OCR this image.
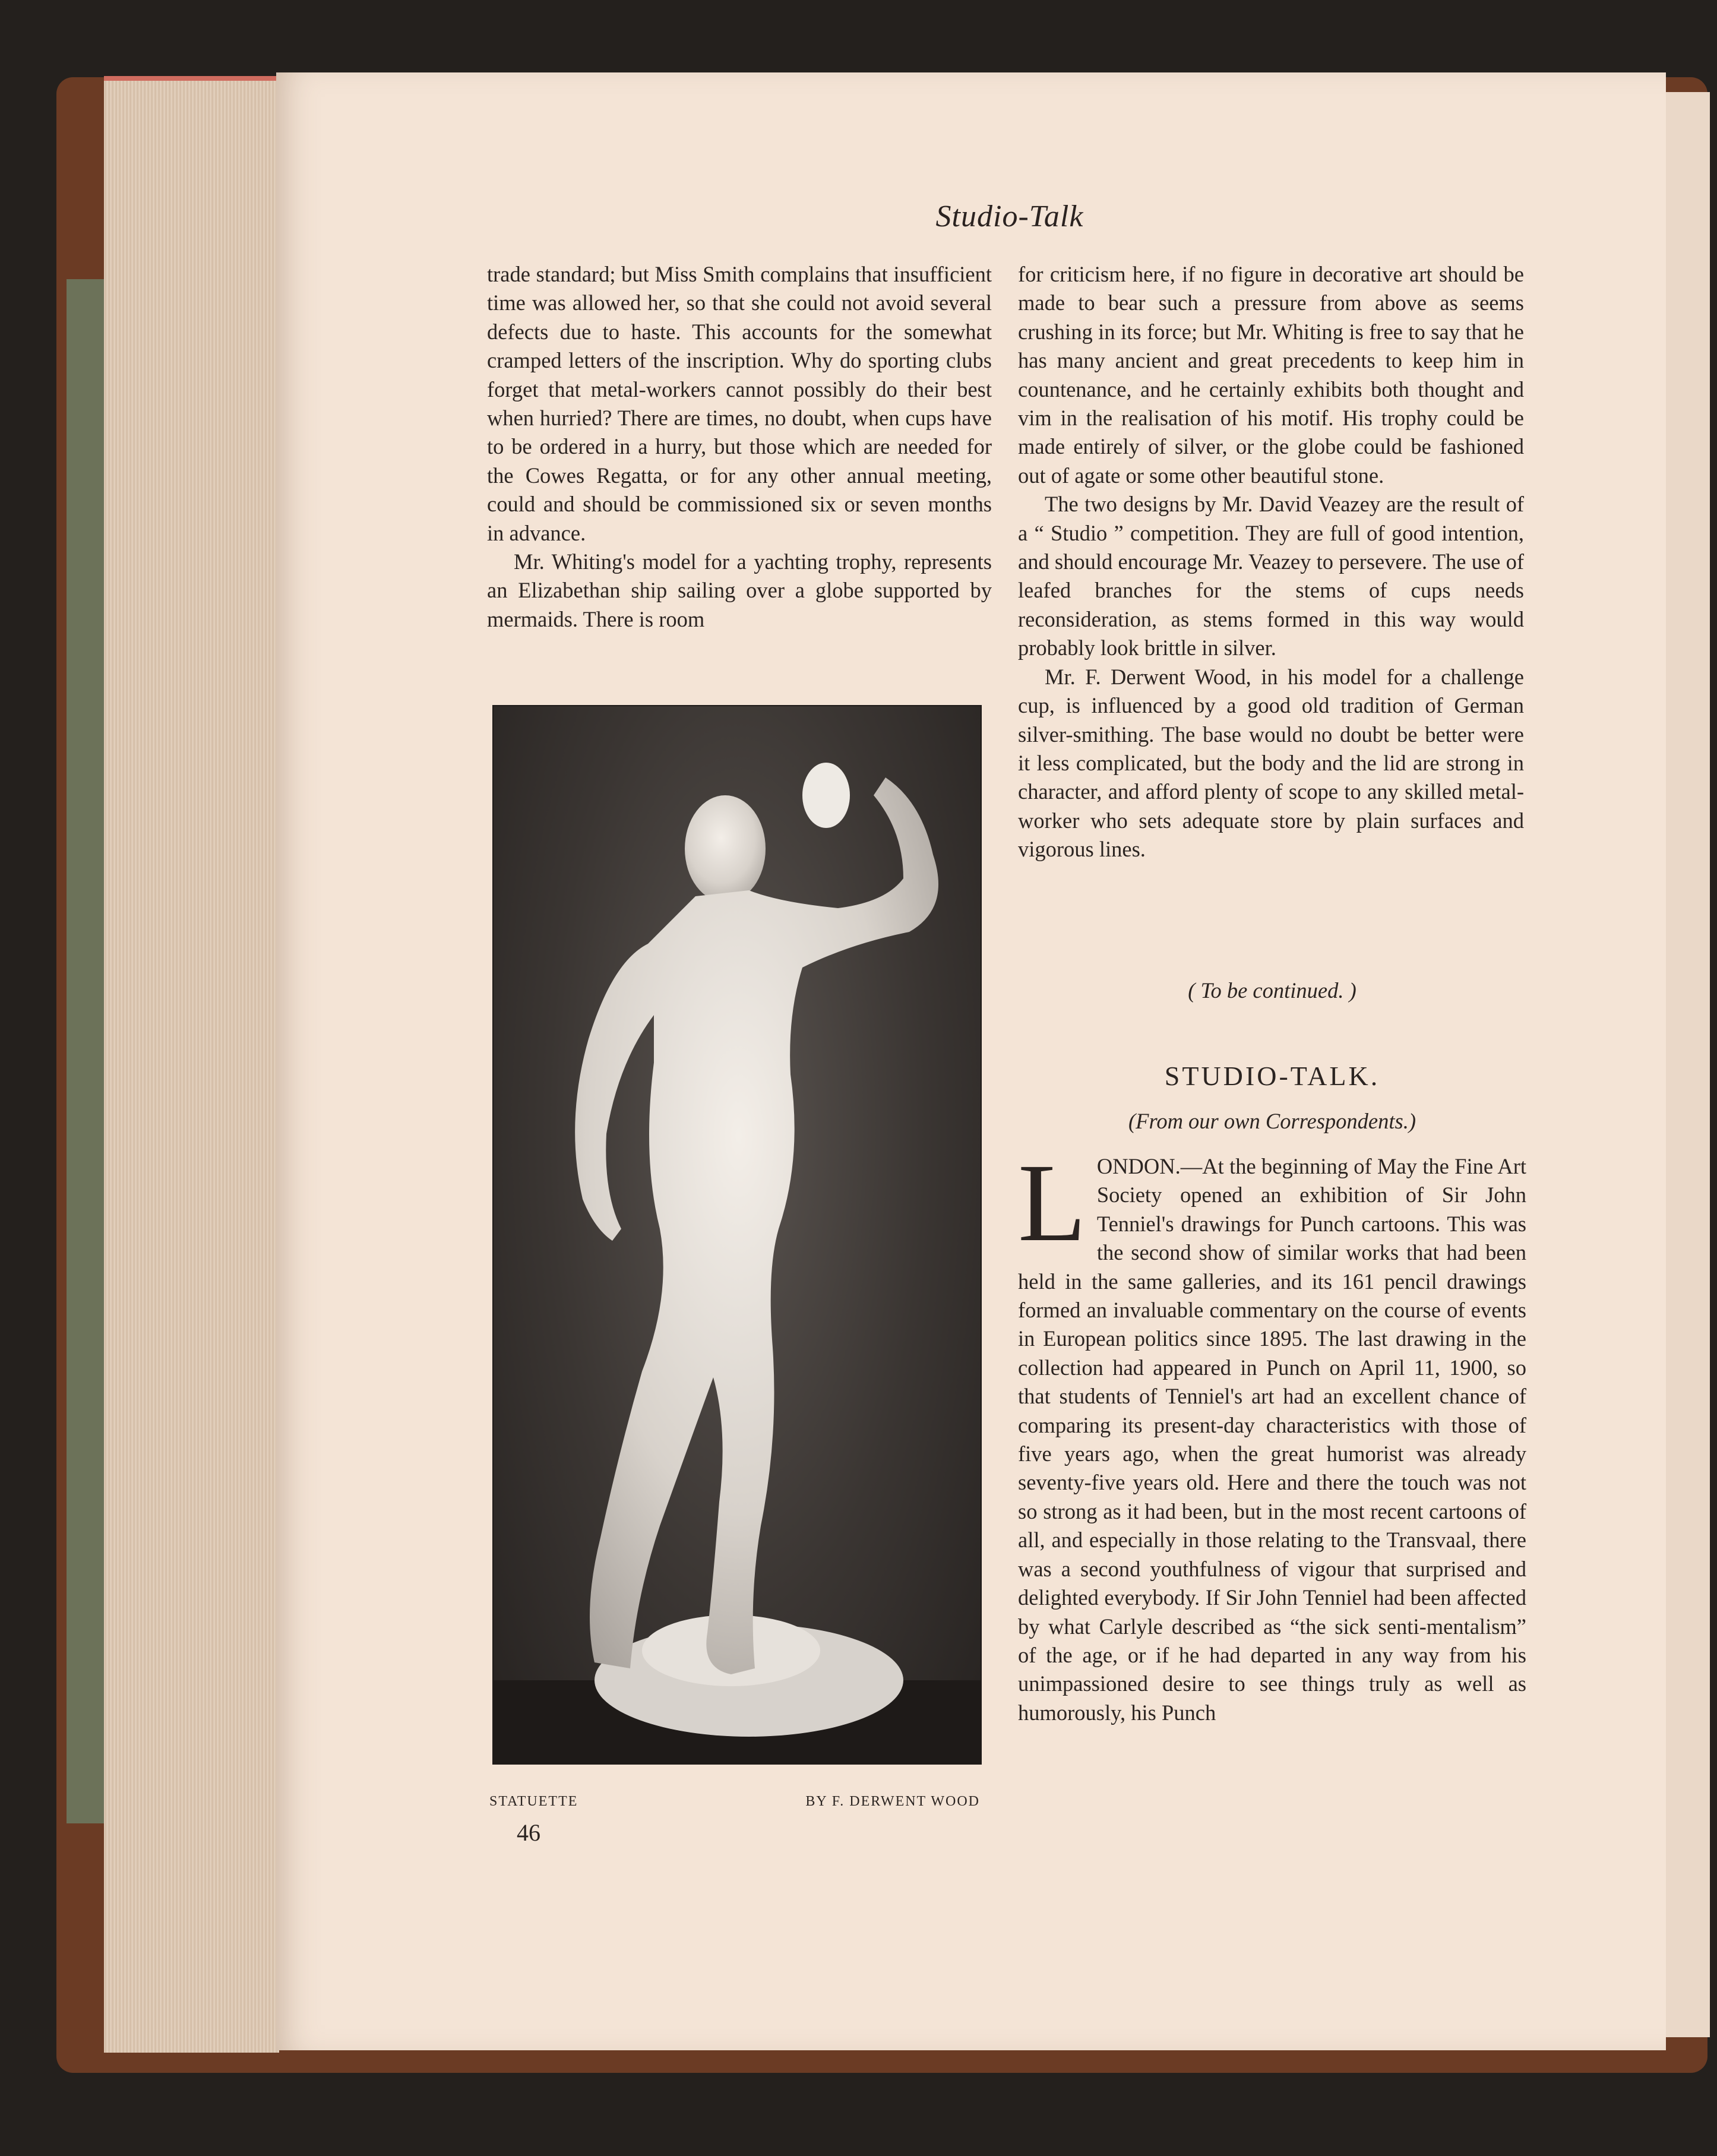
Studio-Talk

trade standard; but Miss Smith complains that insufficient time was allowed her, so that she could not avoid several defects due to haste. This accounts for the somewhat cramped letters of the inscription. Why do sporting clubs forget that metal-workers cannot possibly do their best when hurried? There are times, no doubt, when cups have to be ordered in a hurry, but those which are needed for the Cowes Regatta, or for any other annual meeting, could and should be commissioned six or seven months in advance.

Mr. Whiting's model for a yachting trophy, represents an Elizabethan ship sailing over a globe supported by mermaids. There is room

STATUETTE	BY F. DERWENT WOOD
46

for criticism here, if no figure in decorative art should be made to bear such a pressure from above as seems crushing in its force; but Mr. Whiting is free to say that he has many ancient and great precedents to keep him in countenance, and he certainly exhibits both thought and vim in the realisation of his motif. His trophy could be made entirely of silver, or the globe could be fashioned out of agate or some other beautiful stone.

The two designs by Mr. David Veazey are the result of a “ Studio ” competition. They are full of good intention, and should encourage Mr. Veazey to persevere. The use of leafed branches for the stems of cups needs reconsideration, as stems formed in this way would probably look brittle in silver.

Mr. F. Derwent Wood, in his model for a challenge cup, is influenced by a good old tradition of German silver-smithing. The base would no doubt be better were it less complicated, but the body and the lid are strong in character, and afford plenty of scope to any skilled metal-worker who sets adequate store by plain surfaces and vigorous lines.

( To be continued. )
STUDIO-TALK.
(From our own Correspondents.)
L ONDON.—At the beginning of May the Fine Art Society opened an exhibition of Sir John Tenniel's drawings for Punch cartoons. This was the second show of similar works that had been held in the same galleries, and its 161 pencil drawings formed an invaluable commentary on the course of events in European politics since 1895. The last drawing in the collection had appeared in Punch on April 11, 1900, so that students of Tenniel's art had an excellent chance of comparing its present-day characteristics with those of five years ago, when the great humorist was already seventy-five years old. Here and there the touch was not so strong as it had been, but in the most recent cartoons of all, and especially in those relating to the Transvaal, there was a second youthfulness of vigour that surprised and delighted everybody. If Sir John Tenniel had been affected by what Carlyle described as “the sick senti-mentalism” of the age, or if he had departed in any way from his unimpassioned desire to see things truly as well as humorously, his Punch
